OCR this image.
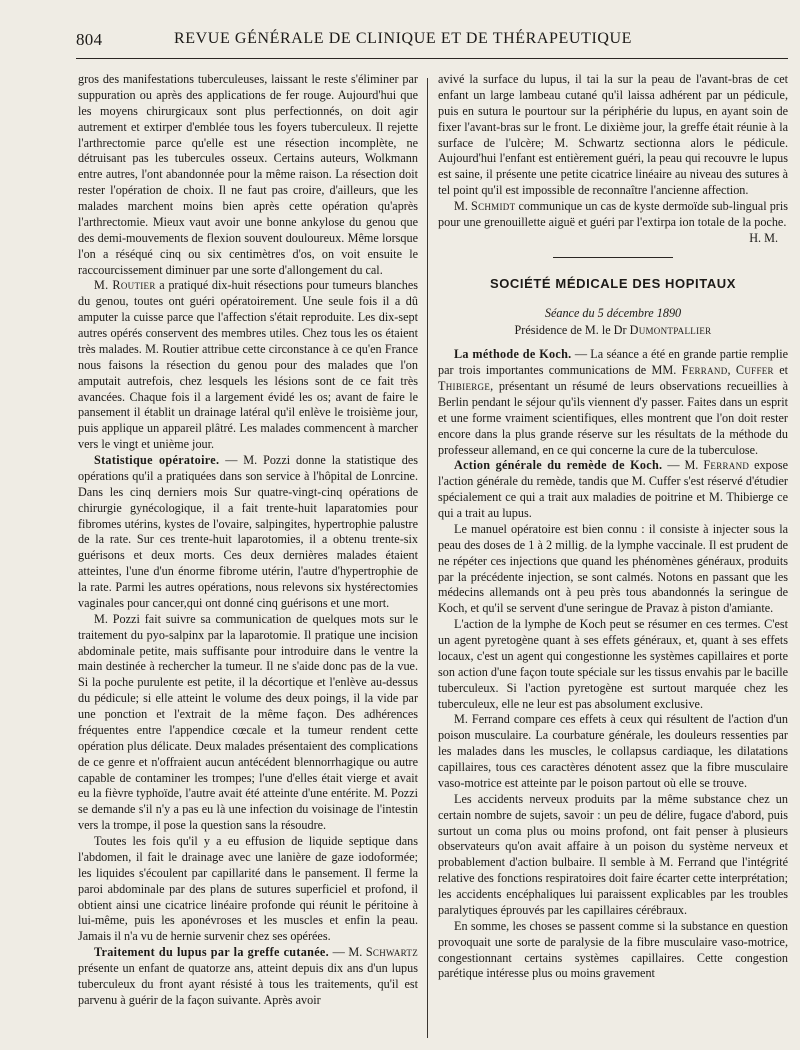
804	REVUE GÉNÉRALE DE CLINIQUE ET DE THÉRAPEUTIQUE

gros des manifestations tuberculeuses, laissant le reste s'éliminer par suppuration ou après des applications de fer rouge. Aujourd'hui que les moyens chirurgicaux sont plus perfectionnés, on doit agir autrement et extirper d'emblée tous les foyers tuberculeux. Il rejette l'arthrectomie parce qu'elle est une résection incomplète, ne détruisant pas les tubercules osseux. Certains auteurs, Wolkmann entre autres, l'ont abandonnée pour la même raison. La résection doit rester l'opération de choix. Il ne faut pas croire, d'ailleurs, que les malades marchent moins bien après cette opération qu'après l'arthrectomie. Mieux vaut avoir une bonne ankylose du genou que des demi-mouvements de flexion souvent douloureux. Même lorsque l'on a réséqué cinq ou six centimètres d'os, on voit ensuite le raccourcissement diminuer par une sorte d'allongement du cal.

M. Routier a pratiqué dix-huit résections pour tumeurs blanches du genou, toutes ont guéri opératoirement. Une seule fois il a dû amputer la cuisse parce que l'affection s'était reproduite. Les dix-sept autres opérés conservent des membres utiles. Chez tous les os étaient très malades. M. Routier attribue cette circonstance à ce qu'en France nous faisons la résection du genou pour des malades que l'on amputait autrefois, chez lesquels les lésions sont de ce fait très avancées. Chaque fois il a largement évidé les os; avant de faire le pansement il établit un drainage latéral qu'il enlève le troisième jour, puis applique un appareil plâtré. Les malades commencent à marcher vers le vingt et unième jour.

Statistique opératoire. — M. Pozzi donne la statistique des opérations qu'il a pratiquées dans son service à l'hôpital de Lonrcine. Dans les cinq derniers mois Sur quatre-vingt-cinq opérations de chirurgie gynécologique, il a fait trente-huit laparatomies pour fibromes utérins, kystes de l'ovaire, salpingites, hypertrophie palustre de la rate. Sur ces trente-huit laparotomies, il a obtenu trente-six guérisons et deux morts. Ces deux dernières malades étaient atteintes, l'une d'un énorme fibrome utérin, l'autre d'hypertrophie de la rate. Parmi les autres opérations, nous relevons six hystérectomies vaginales pour cancer,qui ont donné cinq guérisons et une mort.

M. Pozzi fait suivre sa communication de quelques mots sur le traitement du pyo-salpinx par la laparotomie. Il pratique une incision abdominale petite, mais suffisante pour introduire dans le ventre la main destinée à rechercher la tumeur. Il ne s'aide donc pas de la vue. Si la poche purulente est petite, il la décortique et l'enlève au-dessus du pédicule; si elle atteint le volume des deux poings, il la vide par une ponction et l'extrait de la même façon. Des adhérences fréquentes entre l'appendice cœcale et la tumeur rendent cette opération plus délicate. Deux malades présentaient des complications de ce genre et n'offraient aucun antécédent blennorrhagique ou autre capable de contaminer les trompes; l'une d'elles était vierge et avait eu la fièvre typhoïde, l'autre avait été atteinte d'une entérite. M. Pozzi se demande s'il n'y a pas eu là une infection du voisinage de l'intestin vers la trompe, il pose la question sans la résoudre.

Toutes les fois qu'il y a eu effusion de liquide septique dans l'abdomen, il fait le drainage avec une lanière de gaze iodoformée; les liquides s'écoulent par capillarité dans le pansement. Il ferme la paroi abdominale par des plans de sutures superficiel et profond, il obtient ainsi une cicatrice linéaire profonde qui réunit le péritoine à lui-même, puis les aponévroses et les muscles et enfin la peau. Jamais il n'a vu de hernie survenir chez ses opérées.

Traitement du lupus par la greffe cutanée. — M. Schwartz présente un enfant de quatorze ans, atteint depuis dix ans d'un lupus tuberculeux du front ayant résisté à tous les traitements, qu'il est parvenu à guérir de la façon suivante. Après avoir

avivé la surface du lupus, il tai la sur la peau de l'avant-bras de cet enfant un large lambeau cutané qu'il laissa adhérent par un pédicule, puis en sutura le pourtour sur la périphérie du lupus, en ayant soin de fixer l'avant-bras sur le front. Le dixième jour, la greffe était réunie à la surface de l'ulcère; M. Schwartz sectionna alors le pédicule. Aujourd'hui l'enfant est entièrement guéri, la peau qui recouvre le lupus est saine, il présente une petite cicatrice linéaire au niveau des sutures à tel point qu'il est impossible de reconnaître l'ancienne affection.

M. Schmidt communique un cas de kyste dermoïde sub-lingual pris pour une grenouillette aiguë et guéri par l'extirpa ion totale de la poche.

H. M.

SOCIÉTÉ MÉDICALE DES HOPITAUX
Séance du 5 décembre 1890
Présidence de M. le Dr Dumontpallier

La méthode de Koch. — La séance a été en grande partie remplie par trois importantes communications de MM. Ferrand, Cuffer et Thibierge, présentant un résumé de leurs observations recueillies à Berlin pendant le séjour qu'ils viennent d'y passer. Faites dans un esprit et une forme vraiment scientifiques, elles montrent que l'on doit rester encore dans la plus grande réserve sur les résultats de la méthode du professeur allemand, en ce qui concerne la cure de la tuberculose.

Action générale du remède de Koch. — M. Ferrand expose l'action générale du remède, tandis que M. Cuffer s'est réservé d'étudier spécialement ce qui a trait aux maladies de poitrine et M. Thibierge ce qui a trait au lupus.

Le manuel opératoire est bien connu : il consiste à injecter sous la peau des doses de 1 à 2 millig. de la lymphe vaccinale. Il est prudent de ne répéter ces injections que quand les phénomènes généraux, produits par la précédente injection, se sont calmés. Notons en passant que les médecins allemands ont à peu près tous abandonnés la seringue de Koch, et qu'il se servent d'une seringue de Pravaz à piston d'amiante.

L'action de la lymphe de Koch peut se résumer en ces termes. C'est un agent pyretogène quant à ses effets généraux, et, quant à ses effets locaux, c'est un agent qui congestionne les systèmes capillaires et porte son action d'une façon toute spéciale sur les tissus envahis par le bacille tuberculeux. Si l'action pyretogène est surtout marquée chez les tuberculeux, elle ne leur est pas absolument exclusive.

M. Ferrand compare ces effets à ceux qui résultent de l'action d'un poison musculaire. La courbature générale, les douleurs ressenties par les malades dans les muscles, le collapsus cardiaque, les dilatations capillaires, tous ces caractères dénotent assez que la fibre musculaire vaso-motrice est atteinte par le poison partout où elle se trouve.

Les accidents nerveux produits par la même substance chez un certain nombre de sujets, savoir : un peu de délire, fugace d'abord, puis surtout un coma plus ou moins profond, ont fait penser à plusieurs observateurs qu'on avait affaire à un poison du système nerveux et probablement d'action bulbaire. Il semble à M. Ferrand que l'intégrité relative des fonctions respiratoires doit faire écarter cette interprétation; les accidents encéphaliques lui paraissent explicables par les troubles paralytiques éprouvés par les capillaires cérébraux.

En somme, les choses se passent comme si la substance en question provoquait une sorte de paralysie de la fibre musculaire vaso-motrice, congestionnant certains systèmes capillaires. Cette congestion parétique intéresse plus ou moins gravement
